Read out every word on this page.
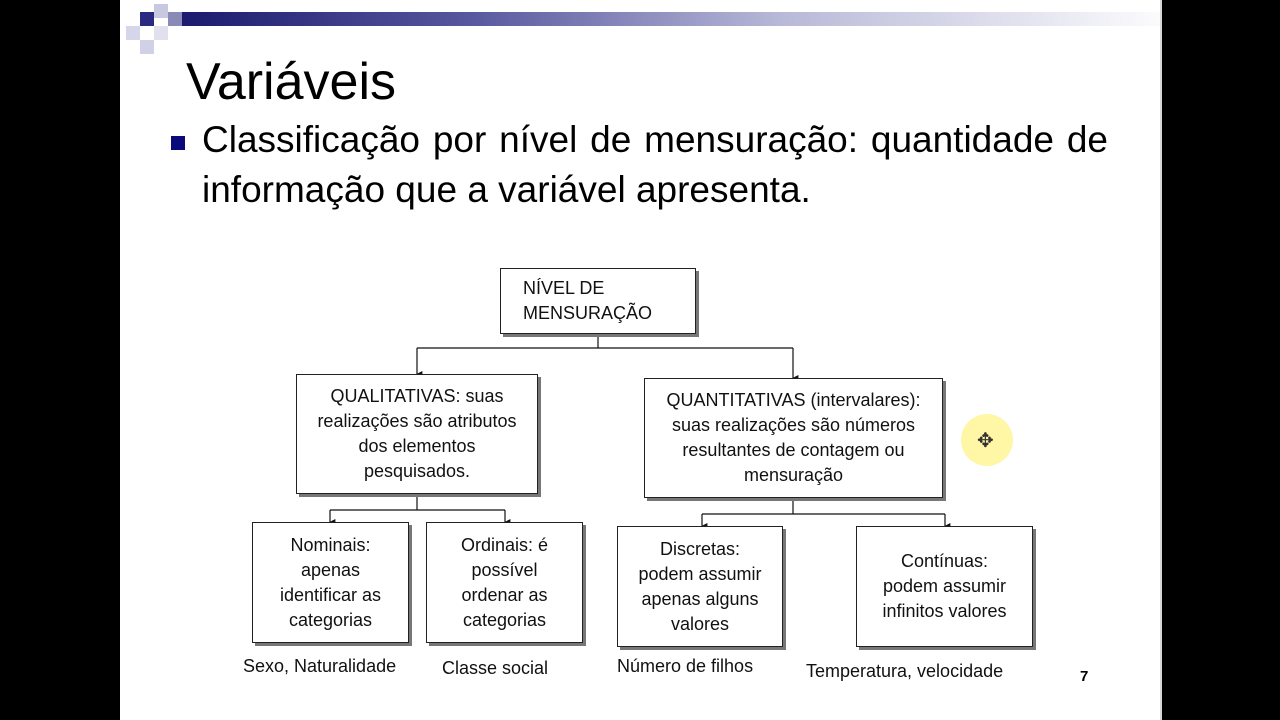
Variáveis
Classificação por nível de mensuração: quantidade de informação que a variável apresenta.
NÍVEL DE MENSURAÇÃO
QUALITATIVAS: suas realizações são atributos dos elementos pesquisados.
QUANTITATIVAS (intervalares): suas realizações são números resultantes de contagem ou mensuração
Nominais: apenas identificar as categorias
Ordinais: é possível ordenar as categorias
Discretas: podem assumir apenas alguns valores
Contínuas: podem assumir infinitos valores
Sexo, Naturalidade	Classe social	Número de filhos	Temperatura, velocidade	7
✥
